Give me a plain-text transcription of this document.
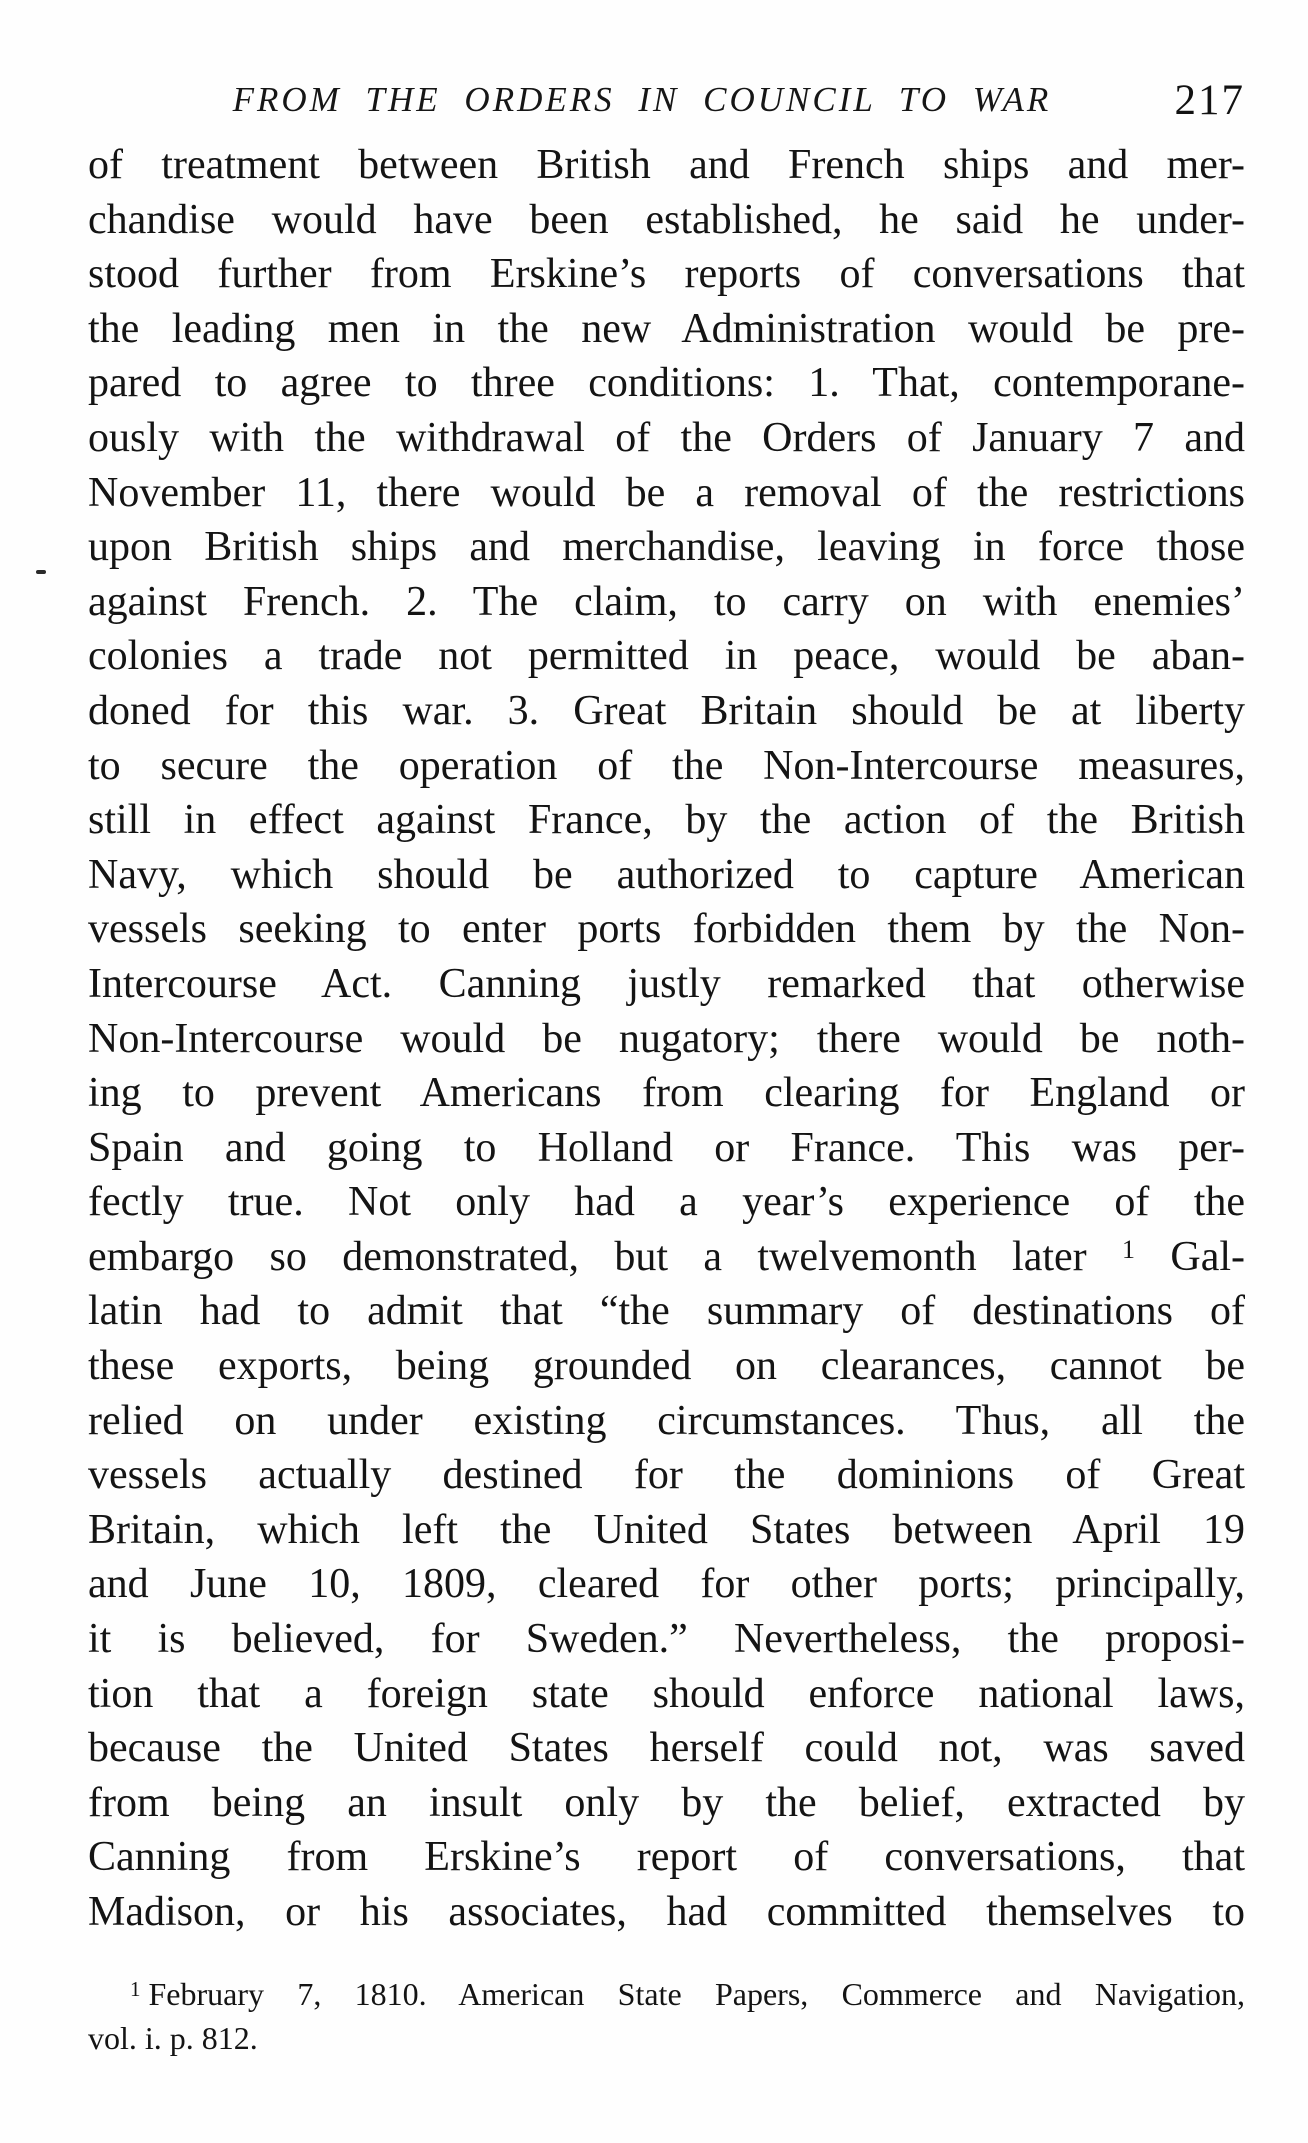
FROM THE ORDERS IN COUNCIL TO WAR	217
of treatment between British and French ships and mer-
chandise would have been established, he said he under-
stood further from Erskine’s reports of conversations that
the leading men in the new Administration would be pre-
pared to agree to three conditions: 1. That, contemporane-
ously with the withdrawal of the Orders of January 7 and
November 11, there would be a removal of the restrictions
upon British ships and merchandise, leaving in force those
against French. 2. The claim, to carry on with enemies’
colonies a trade not permitted in peace, would be aban-
doned for this war. 3. Great Britain should be at liberty
to secure the operation of the Non-Intercourse measures,
still in effect against France, by the action of the British
Navy, which should be authorized to capture American
vessels seeking to enter ports forbidden them by the Non-
Intercourse Act. Canning justly remarked that otherwise
Non-Intercourse would be nugatory; there would be noth-
ing to prevent Americans from clearing for England or
Spain and going to Holland or France. This was per-
fectly true. Not only had a year’s experience of the
embargo so demonstrated, but a twelvemonth later $^1$ Gal-
latin had to admit that “the summary of destinations of
these exports, being grounded on clearances, cannot be
relied on under existing circumstances. Thus, all the
vessels actually destined for the dominions of Great
Britain, which left the United States between April 19
and June 10, 1809, cleared for other ports; principally,
it is believed, for Sweden.” Nevertheless, the proposi-
tion that a foreign state should enforce national laws,
because the United States herself could not, was saved
from being an insult only by the belief, extracted by
Canning from Erskine’s report of conversations, that
Madison, or his associates, had committed themselves to
$^1$ February 7, 1810. American State Papers, Commerce and Navigation,
vol. i. p. 812.
